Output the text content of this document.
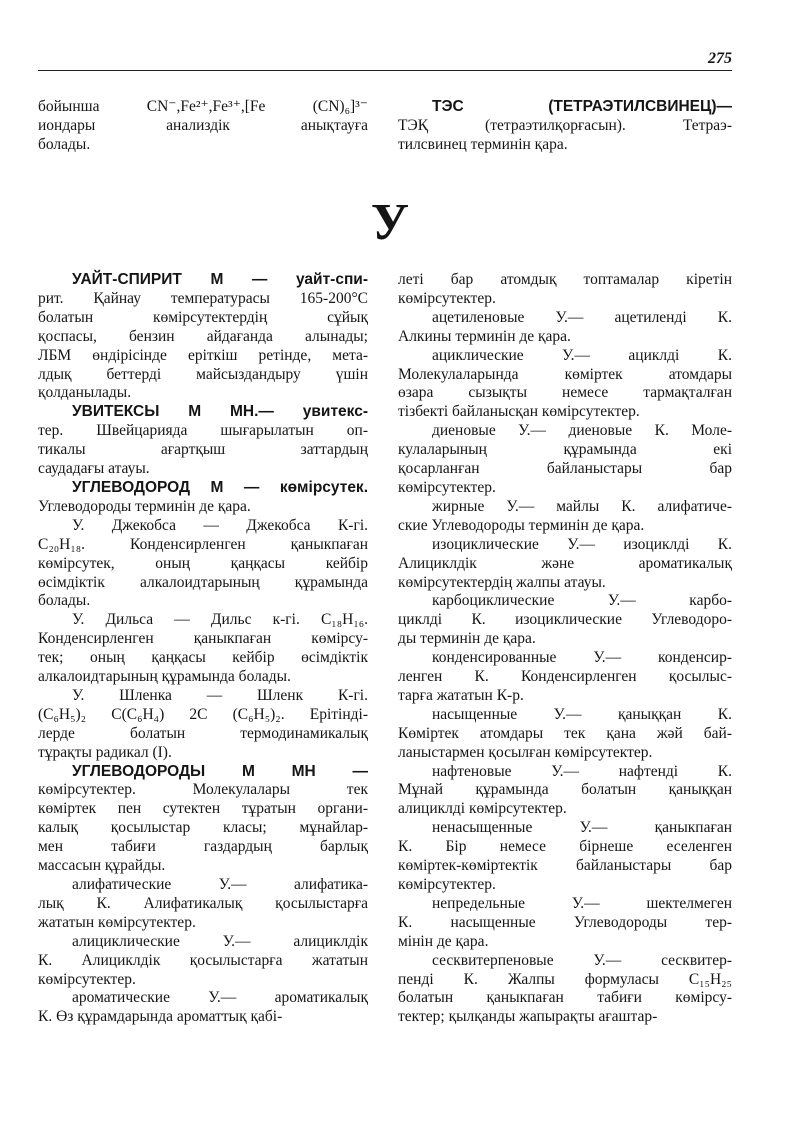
275
бойынша CN⁻,Fe²⁺,Fe³⁺,[Fe (CN)₆]³⁻
иондары анализдік анықтауға
болады.
ТЭС (ТЕТРАЭТИЛСВИНЕЦ)—
ТЭҚ (тетраэтилқорғасын). Тетраэ-
тилсвинец терминін қара.
У
УАЙТ-СПИРИТ М — уайт-спи-
рит. Қайнау температурасы 165-200°С
болатын көмірсутектердің сұйық
қоспасы, бензин айдағанда алынады;
ЛБМ өндірісінде еріткіш ретінде, мета-
лдық беттерді майсыздандыру үшін
қолданылады.
УВИТЕКСЫ М МН.— увитекс-
тер. Швейцарияда шығарылатын оп-
тикалы ағартқыш заттардың
саудадағы атауы.
УГЛЕВОДОРОД М — көмірсутек.
Углеводороды терминін де қара.
У. Джекобса — Джекобса К-гі.
C₂₀H₁₈. Конденсирленген қаныкпаған
көмірсутек, оның қаңқасы кейбір
өсімдіктік алкалоидтарының құрамында
болады.
У. Дильса — Дильс к-гі. C₁₈H₁₆.
Конденсирленген қаныкпаған көмірсу-
тек; оның қаңқасы кейбір өсімдіктік
алкалоидтарының құрамында болады.
У. Шленка — Шленк К-гі.
(C₆H₅)₂ C(C₆H₄) 2C (C₆H₅)₂. Ерітінді-
лерде болатын термодинамикалық
тұрақты радикал (I).
УГЛЕВОДОРОДЫ М МН —
көмірсутектер. Молекулалары тек
көміртек пен сутектен тұратын органи-
калық қосылыстар класы; мұнайлар-
мен табиғи газдардың барлық
массасын құрайды.
алифатические У.— алифатика-
лық К. Алифатикалық қосылыстарға
жататын көмірсутектер.
алициклические У.— алициклдік
К. Алициклдік қосылыстарға жататын
көмірсутектер.
ароматические У.— ароматикалық
К. Өз құрамдарында ароматтық қабі-
леті бар атомдық топтамалар кіретін
көмірсутектер.
ацетиленовые У.— ацетиленді К.
Алкины терминін де қара.
ациклические У.— ациклді К.
Молекулаларында көміртек атомдары
өзара сызықты немесе тармақталған
тізбекті байланысқан көмірсутектер.
диеновые У.— диеновые К. Моле-
кулаларының құрамында екі
қосарланған байланыстары бар
көмірсутектер.
жирные У.— майлы К. алифатиче-
ские Углеводороды терминін де қара.
изоциклические У.— изоциклді К.
Алициклдік және ароматикалық
көмірсутектердің жалпы атауы.
карбоциклические У.— карбо-
циклді К. изоциклические Углеводоро-
ды терминін де қара.
конденсированные У.— конденсир-
ленген К. Конденсирленген қосылыс-
тарға жататын К-р.
насыщенные У.— қаныққан К.
Көміртек атомдары тек қана жәй бай-
ланыстармен қосылған көмірсутектер.
нафтеновые У.— нафтенді К.
Мұнай құрамында болатын қаныққан
алициклді көмірсутектер.
ненасыщенные У.— қаныкпаған
К. Бір немесе бірнеше еселенген
көміртек-көміртектік байланыстары бар
көмірсутектер.
непредельные У.— шектелмеген
К. насыщенные Углеводороды тер-
мінін де қара.
сесквитерпеновые У.— сесквитер-
пенді К. Жалпы формуласы C₁₅H₂₅
болатын қаныкпаған табиғи көмірсу-
тектер; қылқанды жапырақты ағаштар-
